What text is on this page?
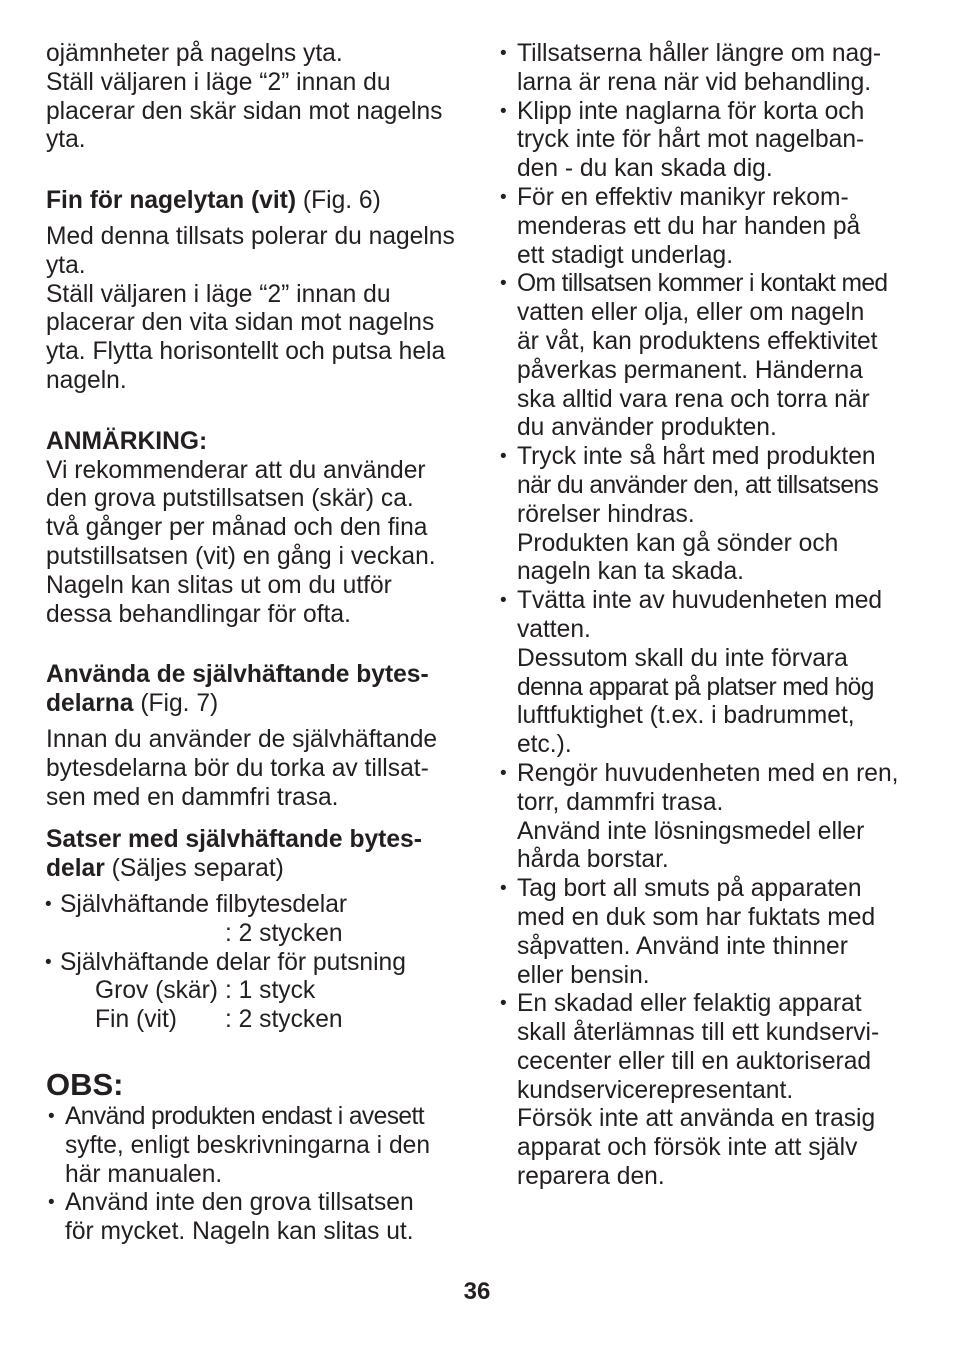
ojämnheter på nagelns yta.
Ställ väljaren i läge “2” innan du
placerar den skär sidan mot nagelns
yta.

Fin för nagelytan (vit) (Fig. 6)

Med denna tillsats polerar du nagelns
yta.
Ställ väljaren i läge “2” innan du
placerar den vita sidan mot nagelns
yta. Flytta horisontellt och putsa hela
nageln.

ANMÄRKING:

Vi rekommenderar att du använder
den grova putstillsatsen (skär) ca.
två gånger per månad och den fina
putstillsatsen (vit) en gång i veckan.
Nageln kan slitas ut om du utför
dessa behandlingar för ofta.

Använda de självhäftande bytes-
delarna (Fig. 7)

Innan du använder de självhäftande
bytesdelarna bör du torka av tillsat-
sen med en dammfri trasa.

Satser med självhäftande bytes-
delar (Säljes separat)

• Självhäftande filbytesdelar
: 2 stycken
• Självhäftande delar för putsning
Grov (skär) : 1 styck
Fin (vit) : 2 stycken

OBS:

• Använd produkten endast i avesett
syfte, enligt beskrivningarna i den
här manualen.
• Använd inte den grova tillsatsen
för mycket. Nageln kan slitas ut.
• Tillsatserna håller längre om nag-
larna är rena när vid behandling.
• Klipp inte naglarna för korta och
tryck inte för hårt mot nagelban-
den - du kan skada dig.
• För en effektiv manikyr rekom-
menderas ett du har handen på
ett stadigt underlag.
• Om tillsatsen kommer i kontakt med
vatten eller olja, eller om nageln
är våt, kan produktens effektivitet
påverkas permanent. Händerna
ska alltid vara rena och torra när
du använder produkten.
• Tryck inte så hårt med produkten
när du använder den, att tillsatsens
rörelser hindras.
Produkten kan gå sönder och
nageln kan ta skada.
• Tvätta inte av huvudenheten med
vatten.
Dessutom skall du inte förvara
denna apparat på platser med hög
luftfuktighet (t.ex. i badrummet,
etc.).
• Rengör huvudenheten med en ren,
torr, dammfri trasa.
Använd inte lösningsmedel eller
hårda borstar.
• Tag bort all smuts på apparaten
med en duk som har fuktats med
såpvatten. Använd inte thinner
eller bensin.
• En skadad eller felaktig apparat
skall återlämnas till ett kundservi-
cecenter eller till en auktoriserad
kundservicerepresentant.
Försök inte att använda en trasig
apparat och försök inte att själv
reparera den.
36
